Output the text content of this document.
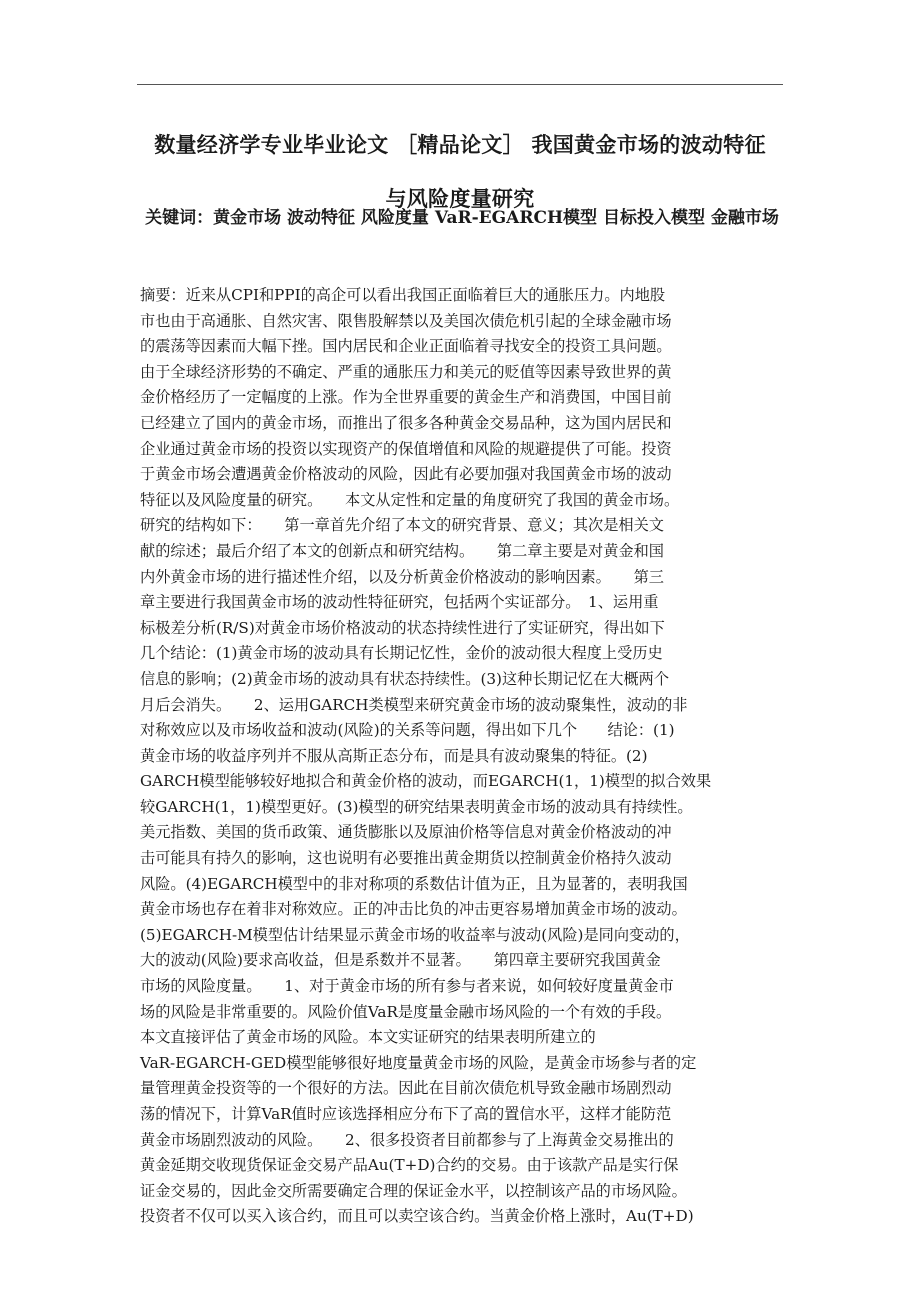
数量经济学专业毕业论文 ［精品论文］ 我国黄金市场的波动特征
与风险度量研究
关键词：黄金市场 波动特征 风险度量 VaR-EGARCH模型 目标投入模型 金融市场
摘要：近来从CPI和PPI的高企可以看出我国正面临着巨大的通胀压力。内地股
市也由于高通胀、自然灾害、限售股解禁以及美国次债危机引起的全球金融市场
的震荡等因素而大幅下挫。国内居民和企业正面临着寻找安全的投资工具问题。
由于全球经济形势的不确定、严重的通胀压力和美元的贬值等因素导致世界的黄
金价格经历了一定幅度的上涨。作为全世界重要的黄金生产和消费国，中国目前
已经建立了国内的黄金市场，而推出了很多各种黄金交易品种，这为国内居民和
企业通过黄金市场的投资以实现资产的保值增值和风险的规避提供了可能。投资
于黄金市场会遭遇黄金价格波动的风险，因此有必要加强对我国黄金市场的波动
特征以及风险度量的研究。　　本文从定性和定量的角度研究了我国的黄金市场。
研究的结构如下：　　第一章首先介绍了本文的研究背景、意义；其次是相关文
献的综述；最后介绍了本文的创新点和研究结构。　　第二章主要是对黄金和国
内外黄金市场的进行描述性介绍，以及分析黄金价格波动的影响因素。　　第三
章主要进行我国黄金市场的波动性特征研究，包括两个实证部分。　1、运用重
标极差分析(R/S)对黄金市场价格波动的状态持续性进行了实证研究，得出如下
几个结论：(1)黄金市场的波动具有长期记忆性，金价的波动很大程度上受历史
信息的影响；(2)黄金市场的波动具有状态持续性。(3)这种长期记忆在大概两个
月后会消失。　　2、运用GARCH类模型来研究黄金市场的波动聚集性，波动的非
对称效应以及市场收益和波动(风险)的关系等问题，得出如下几个　　结论：(1)
黄金市场的收益序列并不服从高斯正态分布，而是具有波动聚集的特征。(2)
GARCH模型能够较好地拟合和黄金价格的波动，而EGARCH(1，1)模型的拟合效果
较GARCH(1，1)模型更好。(3)模型的研究结果表明黄金市场的波动具有持续性。
美元指数、美国的货币政策、通货膨胀以及原油价格等信息对黄金价格波动的冲
击可能具有持久的影响，这也说明有必要推出黄金期货以控制黄金价格持久波动
风险。(4)EGARCH模型中的非对称项的系数估计值为正，且为显著的，表明我国
黄金市场也存在着非对称效应。正的冲击比负的冲击更容易增加黄金市场的波动。
(5)EGARCH-M模型估计结果显示黄金市场的收益率与波动(风险)是同向变动的，
大的波动(风险)要求高收益，但是系数并不显著。　　第四章主要研究我国黄金
市场的风险度量。　　1、对于黄金市场的所有参与者来说，如何较好度量黄金市
场的风险是非常重要的。风险价值VaR是度量金融市场风险的一个有效的手段。
本文直接评估了黄金市场的风险。本文实证研究的结果表明所建立的
VaR-EGARCH-GED模型能够很好地度量黄金市场的风险，是黄金市场参与者的定
量管理黄金投资等的一个很好的方法。因此在目前次债危机导致金融市场剧烈动
荡的情况下，计算VaR值时应该选择相应分布下了高的置信水平，这样才能防范
黄金市场剧烈波动的风险。　　2、很多投资者目前都参与了上海黄金交易推出的
黄金延期交收现货保证金交易产品Au(T+D)合约的交易。由于该款产品是实行保
证金交易的，因此金交所需要确定合理的保证金水平，以控制该产品的市场风险。
投资者不仅可以买入该合约，而且可以卖空该合约。当黄金价格上涨时，Au(T+D)
